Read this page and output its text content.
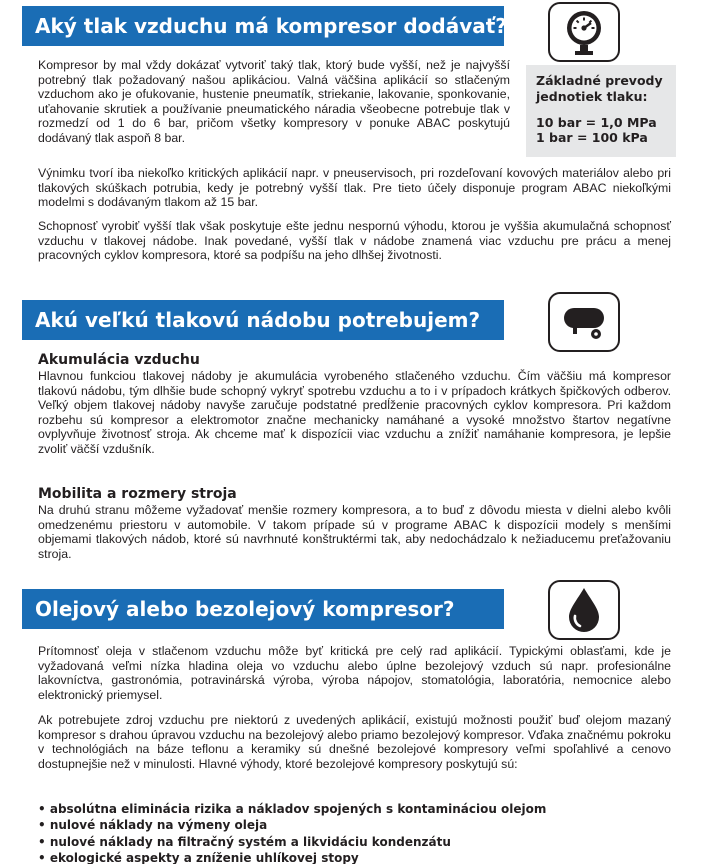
Aký tlak vzduchu má kompresor dodávať?
Kompresor by mal vždy dokázať vytvoriť taký tlak, ktorý bude vyšší, než je najvyšší potrebný tlak požadovaný našou aplikáciou. Valná väčšina aplikácií so stlačeným vzduchom ako je ofukovanie, hustenie pneumatík, striekanie, lakovanie, sponkovanie, uťahovanie skrutiek a používanie pneumatického náradia všeobecne potrebuje tlak v rozmedzí od 1 do 6 bar, pričom všetky kompresory v ponuke ABAC poskytujú dodávaný tlak aspoň 8 bar.
Základné prevody jednotiek tlaku:
10 bar = 1,0 MPa
1 bar = 100 kPa
Výnimku tvorí iba niekoľko kritických aplikácií napr. v pneuservisoch, pri rozdeľovaní kovových materiálov alebo pri tlakových skúškach potrubia, kedy je potrebný vyšší tlak. Pre tieto účely disponuje program ABAC niekoľkými modelmi s dodávaným tlakom až 15 bar.
Schopnosť vyrobiť vyšší tlak však poskytuje ešte jednu nespornú výhodu, ktorou je vyššia akumulačná schopnosť vzduchu v tlakovej nádobe. Inak povedané, vyšší tlak v nádobe znamená viac vzduchu pre prácu a menej pracovných cyklov kompresora, ktoré sa podpíšu na jeho dlhšej životnosti.
Akú veľkú tlakovú nádobu potrebujem?
Akumulácia vzduchu
Hlavnou funkciou tlakovej nádoby je akumulácia vyrobeného stlačeného vzduchu. Čím väčšiu má kompresor tlakovú nádobu, tým dlhšie bude schopný vykryť spotrebu vzduchu a to i v prípadoch krátkych špičkových odberov. Veľký objem tlakovej nádoby navyše zaručuje podstatné predĺženie pracovných cyklov kompresora. Pri každom rozbehu sú kompresor a elektromotor značne mechanicky namáhané a vysoké množstvo štartov negatívne ovplyvňuje životnosť stroja. Ak chceme mať k dispozícii viac vzduchu a znížiť namáhanie kompresora, je lepšie zvoliť väčší vzdušník.
Mobilita a rozmery stroja
Na druhú stranu môžeme vyžadovať menšie rozmery kompresora, a to buď z dôvodu miesta v dielni alebo kvôli omedzenému priestoru v automobile. V takom prípade sú v programe ABAC k dispozícii modely s menšími objemami tlakových nádob, ktoré sú navrhnuté konštruktérmi tak, aby nedochádzalo k nežiaducemu preťažovaniu stroja.
Olejový alebo bezolejový kompresor?
Prítomnosť oleja v stlačenom vzduchu môže byť kritická pre celý rad aplikácií. Typickými oblasťami, kde je vyžadovaná veľmi nízka hladina oleja vo vzduchu alebo úplne bezolejový vzduch sú napr. profesionálne lakovníctva, gastronómia, potravinárská výroba, výroba nápojov, stomatológia, laboratória, nemocnice alebo elektronický priemysel.
Ak potrebujete zdroj vzduchu pre niektorú z uvedených aplikácií, existujú možnosti použiť buď olejom mazaný kompresor s drahou úpravou vzduchu na bezolejový alebo priamo bezolejový kompresor. Vďaka značnému pokroku v technológiách na báze teflonu a keramiky sú dnešné bezolejové kompresory veľmi spoľahlivé a cenovo dostupnejšie než v minulosti. Hlavné výhody, ktoré bezolejové kompresory poskytujú sú:
• absolútna eliminácia rizika a nákladov spojených s kontamináciou olejom
• nulové náklady na výmeny oleja
• nulové náklady na filtračný systém a likvidáciu kondenzátu
• ekologické aspekty a zníženie uhlíkovej stopy
